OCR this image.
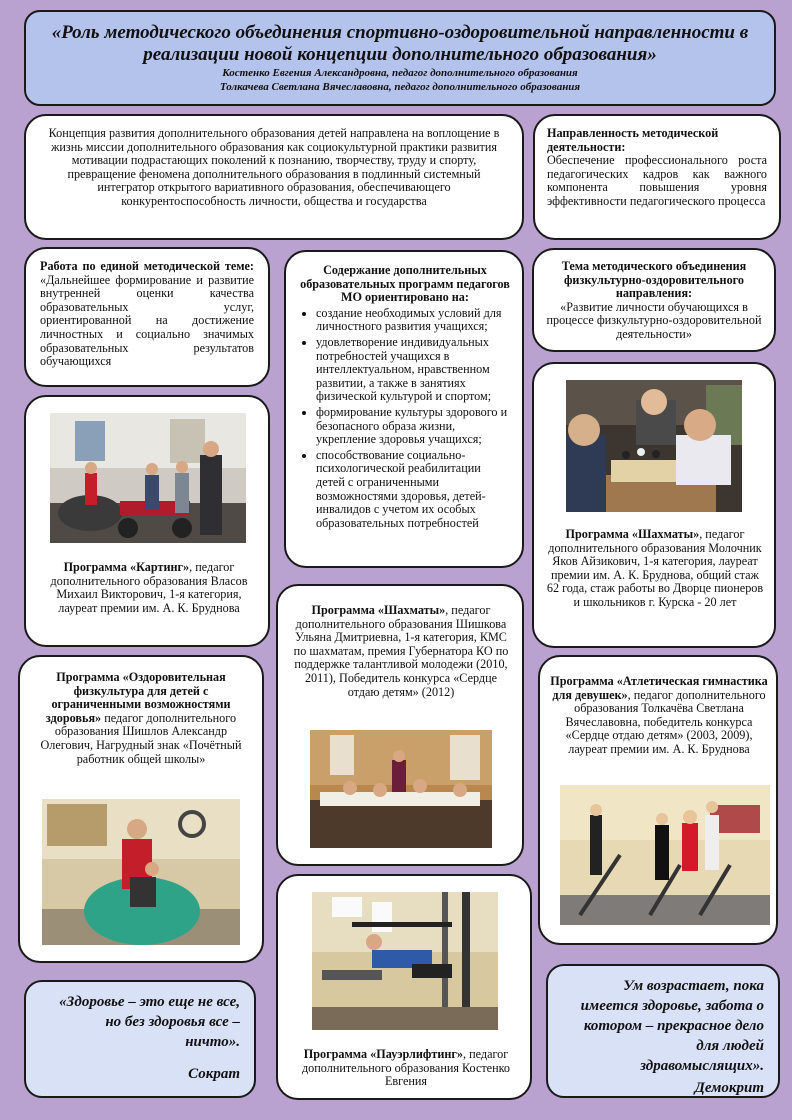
«Роль методического объединения спортивно-оздоровительной направленности в реализации новой концепции дополнительного образования»
Костенко Евгения Александровна, педагог дополнительного образования
Толкачева Светлана Вячеславовна, педагог дополнительного образования
Концепция развития дополнительного образования детей направлена на воплощение в жизнь миссии дополнительного образования как социокультурной практики развития мотивации подрастающих поколений к познанию, творчеству, труду и спорту, превращение феномена дополнительного образования в подлинный системный интегратор открытого вариативного образования, обеспечивающего конкурентоспособность личности, общества и государства
Направленность методической деятельности:
Обеспечение профессионального роста педагогических кадров как важного компонента повышения уровня эффективности педагогического процесса
Работа по единой методической теме: «Дальнейшее формирование и развитие внутренней оценки качества образовательных услуг, ориентированной на достижение личностных и социально значимых образовательных результатов обучающихся
Содержание дополнительных образовательных программ педагогов МО ориентировано на:
• создание необходимых условий для личностного развития учащихся;
• удовлетворение индивидуальных потребностей учащихся в интеллектуальном, нравственном развитии, а также в занятиях физической культурой и спортом;
• формирование культуры здорового и безопасного образа жизни, укрепление здоровья учащихся;
• способствование социально-психологической реабилитации детей с ограниченными возможностями здоровья, детей-инвалидов с учетом их особых образовательных потребностей
Тема методического объединения физкультурно-оздоровительного направления:
«Развитие личности обучающихся в процессе физкультурно-оздоровительной деятельности»
Программа «Картинг», педагог дополнительного образования Власов Михаил Викторович, 1-я категория, лауреат премии им. А. К. Бруднова
Программа «Шахматы», педагог дополнительного образования Молочник Яков Айзикович, 1-я категория, лауреат премии им. А. К. Бруднова, общий стаж 62 года, стаж работы во Дворце пионеров и школьников г. Курска - 20 лет
Программа «Шахматы», педагог дополнительного образования Шишкова Ульяна Дмитриевна, 1-я категория, КМС по шахматам, премия Губернатора КО по поддержке талантливой молодежи (2010, 2011), Победитель конкурса «Сердце отдаю детям» (2012)
Программа «Оздоровительная физкультура для детей с ограниченными возможностями здоровья» педагог дополнительного образования Шишлов Александр Олегович, Нагрудный знак «Почётный работник общей школы»
Программа «Атлетическая гимнастика для девушек», педагог дополнительного образования Толкачёва Светлана Вячеславовна, победитель конкурса «Сердце отдаю детям» (2003, 2009), лауреат премии им. А. К. Бруднова
Программа «Пауэрлифтинг», педагог дополнительного образования Костенко Евгения
«Здоровье – это еще не все,
но без здоровья все –
ничто».
Сократ
Ум возрастает, пока
имеется здоровье, забота о
котором – прекрасное дело
для людей
здравомыслящих».
Демокрит
